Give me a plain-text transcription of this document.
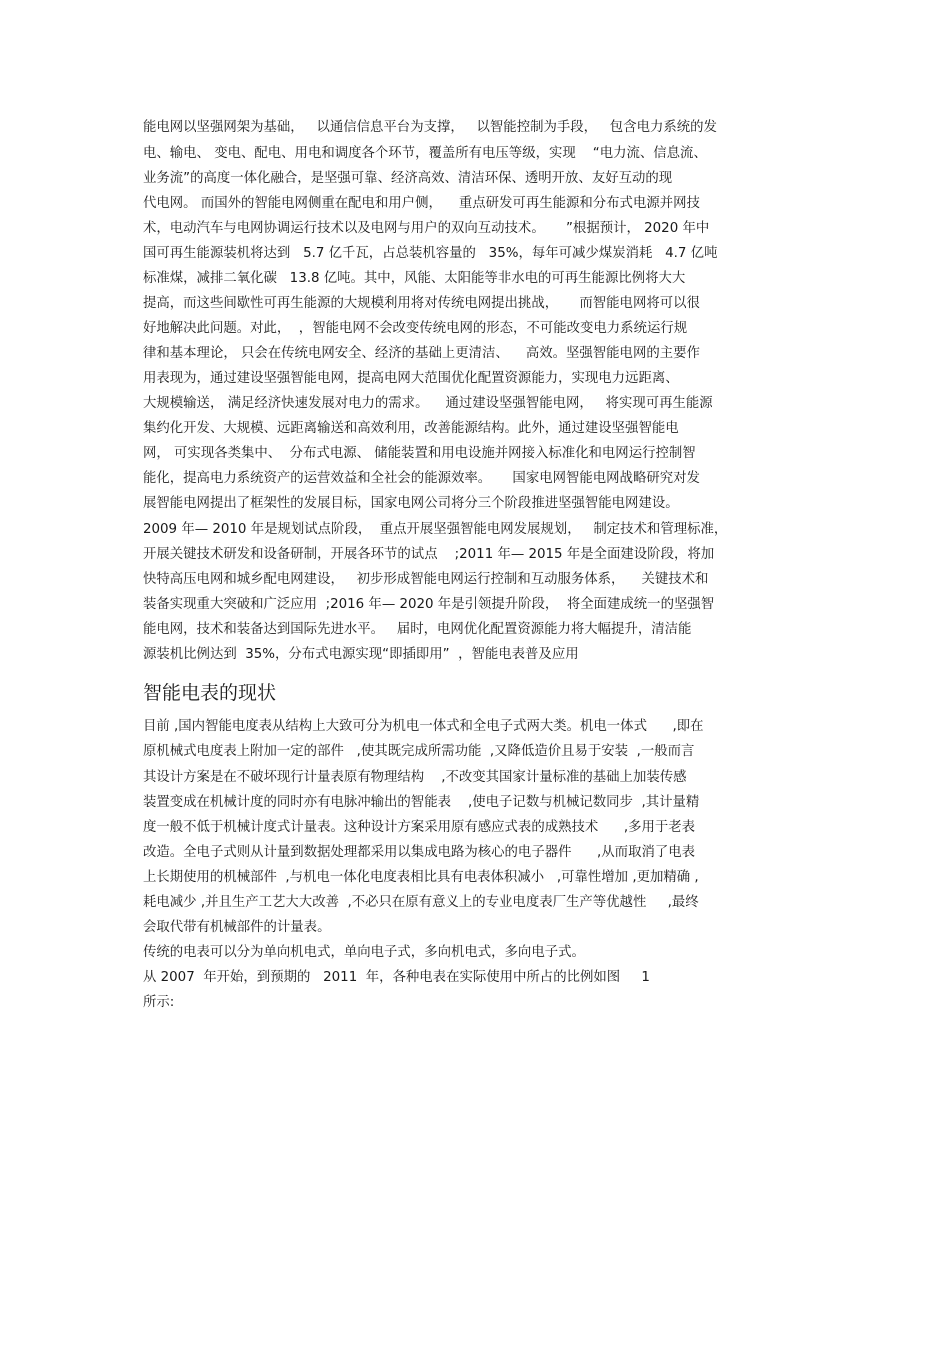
能电网以坚强网架为基础，   以通信信息平台为支撑，   以智能控制为手段，   包含电力系统的发

电、输电、 变电、配电、用电和调度各个环节，覆盖所有电压等级，实现    “电力流、信息流、

业务流”的高度一体化融合，是坚强可靠、经济高效、清洁环保、透明开放、友好互动的现

代电网。 而国外的智能电网侧重在配电和用户侧，    重点研发可再生能源和分布式电源并网技

术，电动汽车与电网协调运行技术以及电网与用户的双向互动技术。     ”根据预计， 2020 年中

国可再生能源装机将达到   5.7 亿千瓦，占总装机容量的   35%，每年可减少煤炭消耗   4.7 亿吨

标准煤，减排二氧化碳   13.8 亿吨。其中，风能、太阳能等非水电的可再生能源比例将大大

提高，而这些间歇性可再生能源的大规模利用将对传统电网提出挑战，     而智能电网将可以很

好地解决此问题。对此，  ，智能电网不会改变传统电网的形态，不可能改变电力系统运行规

律和基本理论， 只会在传统电网安全、经济的基础上更清洁、    高效。坚强智能电网的主要作

用表现为，通过建设坚强智能电网，提高电网大范围优化配置资源能力，实现电力远距离、

大规模输送， 满足经济快速发展对电力的需求。    通过建设坚强智能电网，   将实现可再生能源

集约化开发、大规模、远距离输送和高效利用，改善能源结构。此外，通过建设坚强智能电

网， 可实现各类集中、  分布式电源、 储能装置和用电设施并网接入标准化和电网运行控制智

能化，提高电力系统资产的运营效益和全社会的能源效率。     国家电网智能电网战略研究对发

展智能电网提出了框架性的发展目标，国家电网公司将分三个阶段推进坚强智能电网建设。

2009 年— 2010 年是规划试点阶段，  重点开展坚强智能电网发展规划，   制定技术和管理标准，

开展关键技术研发和设备研制，开展各环节的试点    ;2011 年— 2015 年是全面建设阶段，将加

快特高压电网和城乡配电网建设，   初步形成智能电网运行控制和互动服务体系，    关键技术和

装备实现重大突破和广泛应用  ;2016 年— 2020 年是引领提升阶段，  将全面建成统一的坚强智

能电网，技术和装备达到国际先进水平。   届时，电网优化配置资源能力将大幅提升，清洁能

源装机比例达到  35%，分布式电源实现“即插即用”  ，智能电表普及应用

智能电表的现状

目前 ,国内智能电度表从结构上大致可分为机电一体式和全电子式两大类。机电一体式      ,即在

原机械式电度表上附加一定的部件   ,使其既完成所需功能  ,又降低造价且易于安装  ,一般而言

其设计方案是在不破坏现行计量表原有物理结构    ,不改变其国家计量标准的基础上加装传感

装置变成在机械计度的同时亦有电脉冲输出的智能表    ,使电子记数与机械记数同步  ,其计量精

度一般不低于机械计度式计量表。这种设计方案采用原有感应式表的成熟技术      ,多用于老表

改造。全电子式则从计量到数据处理都采用以集成电路为核心的电子器件      ,从而取消了电表

上长期使用的机械部件  ,与机电一体化电度表相比具有电表体积减小   ,可靠性增加 ,更加精确 ,

耗电减少 ,并且生产工艺大大改善  ,不必只在原有意义上的专业电度表厂生产等优越性     ,最终

会取代带有机械部件的计量表。

传统的电表可以分为单向机电式，单向电子式，多向机电式，多向电子式。

从 2007  年开始，到预期的   2011  年，各种电表在实际使用中所占的比例如图     1

所示:
